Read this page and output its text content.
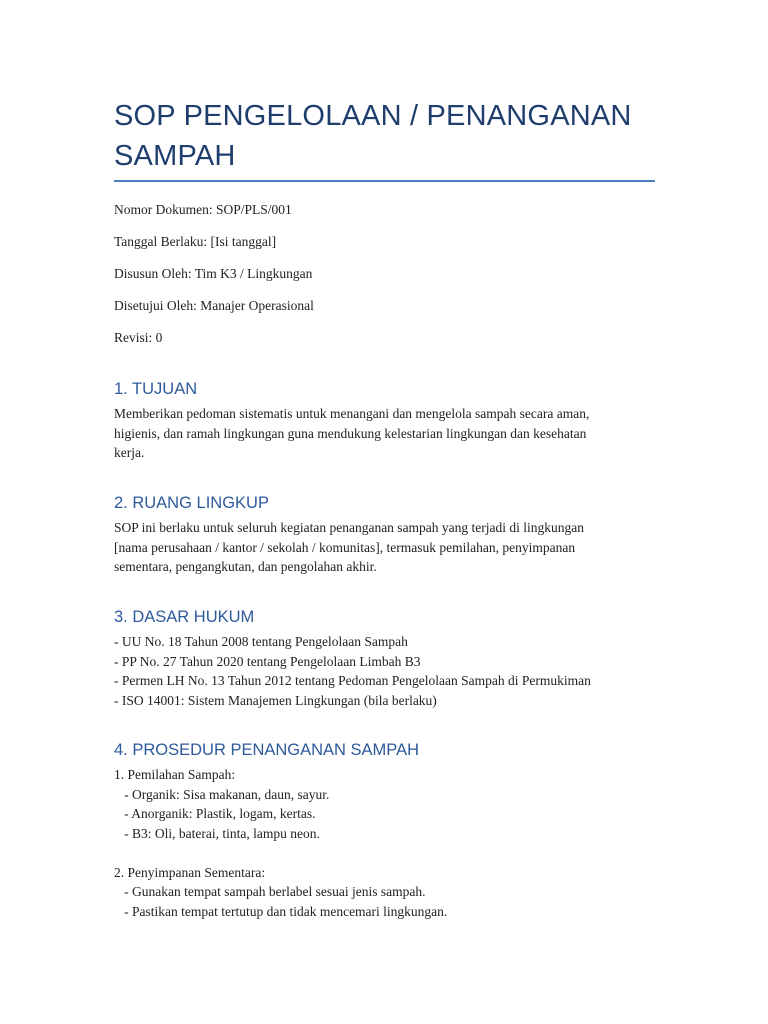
SOP PENGELOLAAN / PENANGANAN SAMPAH
Nomor Dokumen: SOP/PLS/001
Tanggal Berlaku: [Isi tanggal]
Disusun Oleh: Tim K3 / Lingkungan
Disetujui Oleh: Manajer Operasional
Revisi: 0
1. TUJUAN
Memberikan pedoman sistematis untuk menangani dan mengelola sampah secara aman,
higienis, dan ramah lingkungan guna mendukung kelestarian lingkungan dan kesehatan
kerja.
2. RUANG LINGKUP
SOP ini berlaku untuk seluruh kegiatan penanganan sampah yang terjadi di lingkungan
[nama perusahaan / kantor / sekolah / komunitas], termasuk pemilahan, penyimpanan
sementara, pengangkutan, dan pengolahan akhir.
3. DASAR HUKUM
- UU No. 18 Tahun 2008 tentang Pengelolaan Sampah
- PP No. 27 Tahun 2020 tentang Pengelolaan Limbah B3
- Permen LH No. 13 Tahun 2012 tentang Pedoman Pengelolaan Sampah di Permukiman
- ISO 14001: Sistem Manajemen Lingkungan (bila berlaku)
4. PROSEDUR PENANGANAN SAMPAH
1. Pemilahan Sampah:
- Organik: Sisa makanan, daun, sayur.
- Anorganik: Plastik, logam, kertas.
- B3: Oli, baterai, tinta, lampu neon.
2. Penyimpanan Sementara:
- Gunakan tempat sampah berlabel sesuai jenis sampah.
- Pastikan tempat tertutup dan tidak mencemari lingkungan.
